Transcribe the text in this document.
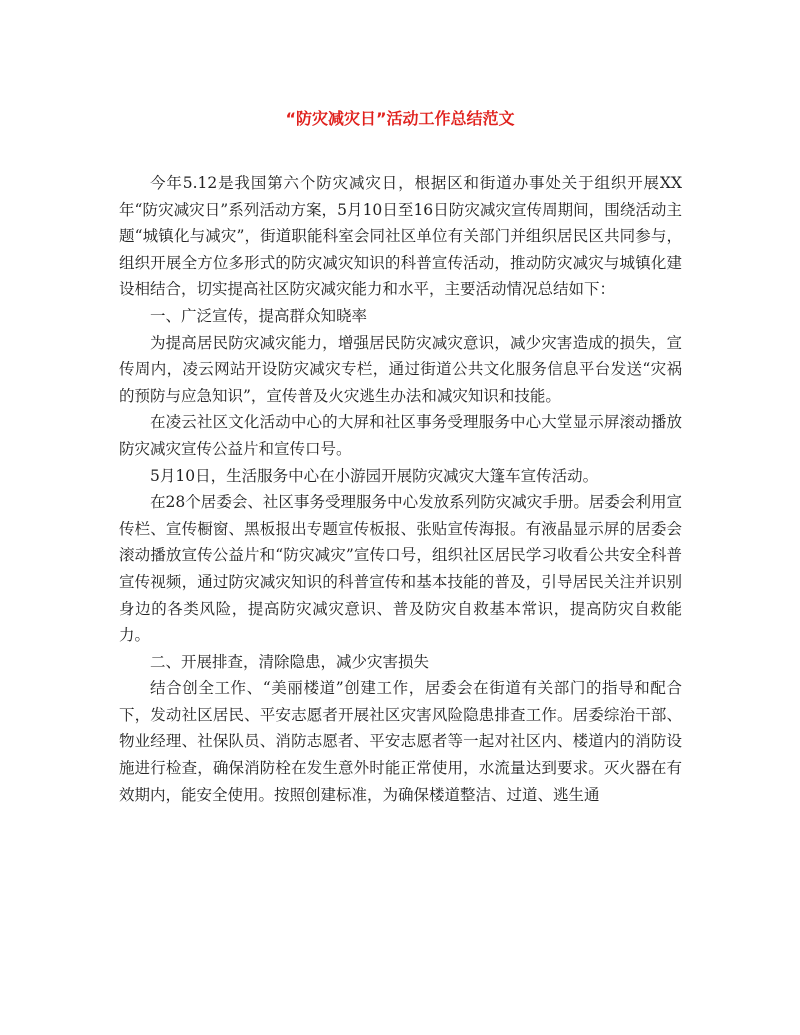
“防灾减灾日”活动工作总结范文

今年5.12是我国第六个防灾减灾日，根据区和街道办事处关于组织开展XX年“防灾减灾日”系列活动方案，5月10日至16日防灾减灾宣传周期间，围绕活动主题“城镇化与减灾”，街道职能科室会同社区单位有关部门并组织居民区共同参与，组织开展全方位多形式的防灾减灾知识的科普宣传活动，推动防灾减灾与城镇化建设相结合，切实提高社区防灾减灾能力和水平，主要活动情况总结如下：

一、广泛宣传，提高群众知晓率

为提高居民防灾减灾能力，增强居民防灾减灾意识，减少灾害造成的损失，宣传周内，凌云网站开设防灾减灾专栏，通过街道公共文化服务信息平台发送“灾祸的预防与应急知识”，宣传普及火灾逃生办法和减灾知识和技能。

在凌云社区文化活动中心的大屏和社区事务受理服务中心大堂显示屏滚动播放防灾减灾宣传公益片和宣传口号。

5月10日，生活服务中心在小游园开展防灾减灾大篷车宣传活动。

在28个居委会、社区事务受理服务中心发放系列防灾减灾手册。居委会利用宣传栏、宣传橱窗、黑板报出专题宣传板报、张贴宣传海报。有液晶显示屏的居委会滚动播放宣传公益片和“防灾减灾”宣传口号，组织社区居民学习收看公共安全科普宣传视频，通过防灾减灾知识的科普宣传和基本技能的普及，引导居民关注并识别身边的各类风险，提高防灾减灾意识、普及防灾自救基本常识，提高防灾自救能力。

二、开展排查，清除隐患，减少灾害损失

结合创全工作、“美丽楼道”创建工作，居委会在街道有关部门的指导和配合下，发动社区居民、平安志愿者开展社区灾害风险隐患排查工作。居委综治干部、物业经理、社保队员、消防志愿者、平安志愿者等一起对社区内、楼道内的消防设施进行检查，确保消防栓在发生意外时能正常使用，水流量达到要求。灭火器在有效期内，能安全使用。按照创建标准，为确保楼道整洁、过道、逃生通
